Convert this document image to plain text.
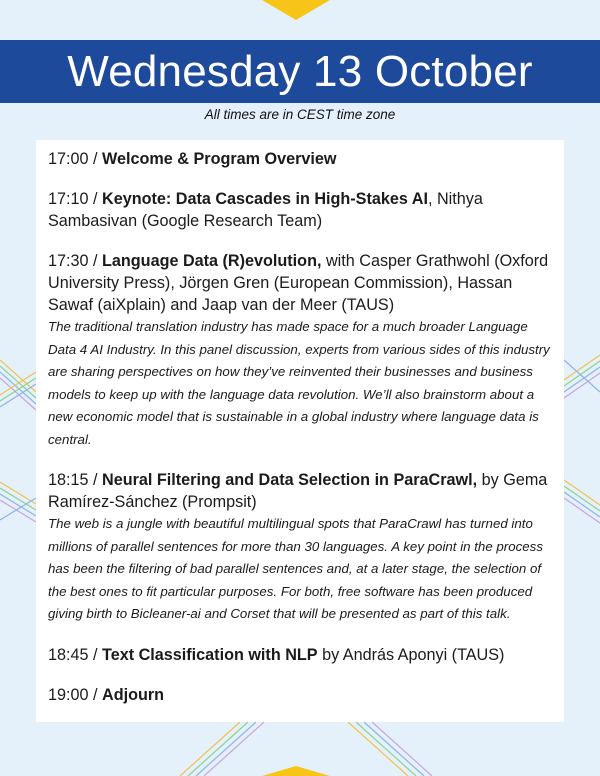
Wednesday 13 October
All times are in CEST time zone
17:00 / Welcome & Program Overview
17:10 / Keynote: Data Cascades in High-Stakes AI, Nithya Sambasivan (Google Research Team)
17:30 / Language Data (R)evolution, with Casper Grathwohl (Oxford University Press), Jörgen Gren (European Commission), Hassan Sawaf (aiXplain) and Jaap van der Meer (TAUS)
The traditional translation industry has made space for a much broader Language Data 4 AI Industry. In this panel discussion, experts from various sides of this industry are sharing perspectives on how they’ve reinvented their businesses and business models to keep up with the language data revolution. We’ll also brainstorm about a new economic model that is sustainable in a global industry where language data is central.
18:15 / Neural Filtering and Data Selection in ParaCrawl, by Gema Ramírez-Sánchez (Prompsit)
The web is a jungle with beautiful multilingual spots that ParaCrawl has turned into millions of parallel sentences for more than 30 languages. A key point in the process has been the filtering of bad parallel sentences and, at a later stage, the selection of the best ones to fit particular purposes. For both, free software has been produced giving birth to Bicleaner-ai and Corset that will be presented as part of this talk.
18:45 / Text Classification with NLP by András Aponyi (TAUS)
19:00 / Adjourn
